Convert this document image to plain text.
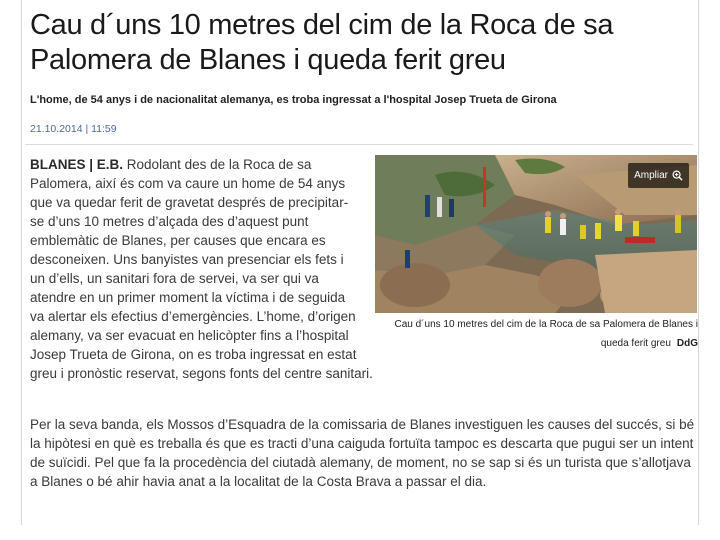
Cau d´uns 10 metres del cim de la Roca de sa Palomera de Blanes i queda ferit greu
L'home, de 54 anys i de nacionalitat alemanya, es troba ingressat a l'hospital Josep Trueta de Girona
21.10.2014 | 11:59
Ampliar
Cau d´uns 10 metres del cim de la Roca de sa Palomera de Blanes i queda ferit greu DdG
BLANES | E.B. Rodolant des de la Roca de sa Palomera, així és com va caure un home de 54 anys que va quedar ferit de gravetat després de precipitar-se d’uns 10 metres d’alçada des d’aquest punt emblemàtic de Blanes, per causes que encara es desconeixen. Uns banyistes van presenciar els fets i un d’ells, un sanitari fora de servei, va ser qui va atendre en un primer moment la víctima i de seguida va alertar els efectius d’emergències. L’home, d’origen alemany, va ser evacuat en helicòpter fins a l’hospital Josep Trueta de Girona, on es troba ingressat en estat greu i pronòstic reservat, segons fonts del centre sanitari.

Per la seva banda, els Mossos d’Esquadra de la comissaria de Blanes investiguen les causes del succés, si bé la hipòtesi en què es treballa és que es tracti d’una caiguda fortuïta tampoc es descarta que pugui ser un intent de suïcidi. Pel que fa la procedència del ciutadà alemany, de moment, no se sap si és un turista que s’allotjava a Blanes o bé ahir havia anat a la localitat de la Costa Brava a passar el dia.
